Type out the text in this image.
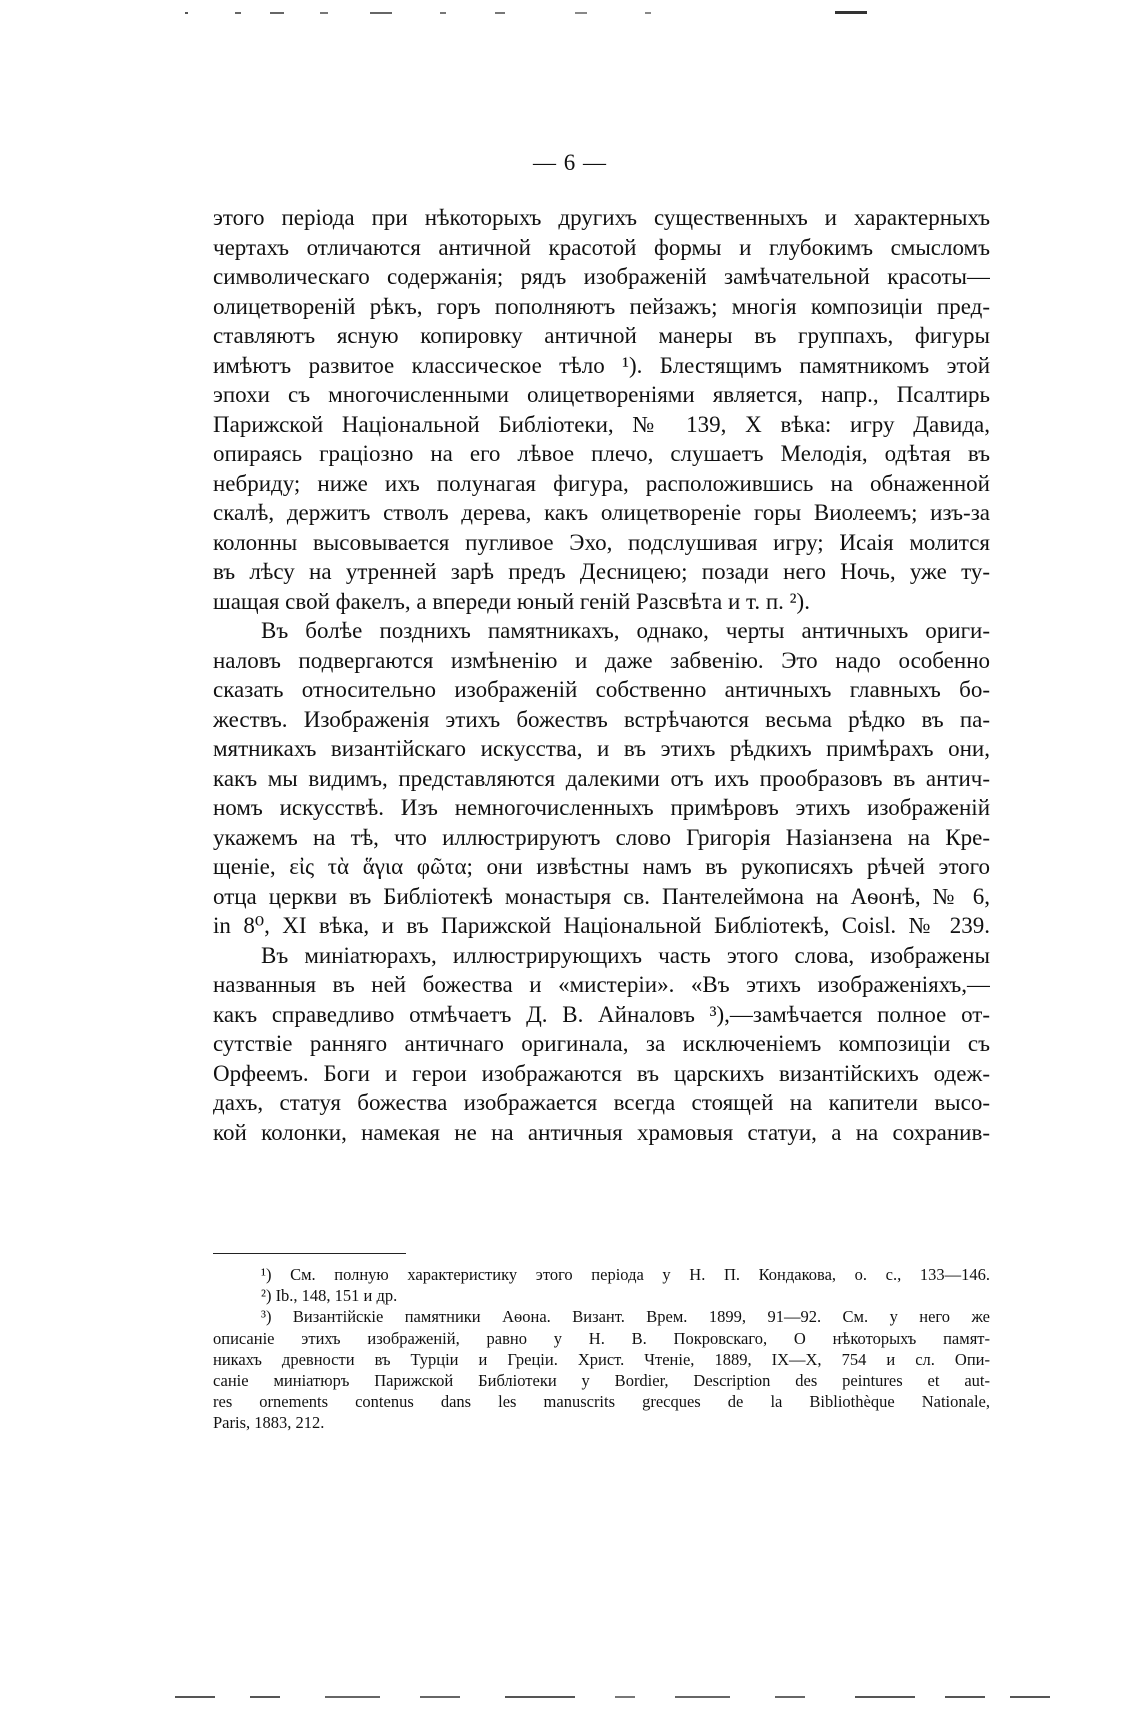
— 6 —
этого періода при нѣкоторыхъ другихъ существенныхъ и характерныхъ
чертахъ отличаются античной красотой формы и глубокимъ смысломъ
символическаго содержанія; рядъ изображеній замѣчательной красоты—
олицетвореній рѣкъ, горъ пополняютъ пейзажъ; многія композиціи пред-
ставляютъ ясную копировку античной манеры въ группахъ, фигуры
имѣютъ развитое классическое тѣло ¹). Блестящимъ памятникомъ этой
эпохи съ многочисленными олицетвореніями является, напр., Псалтирь
Парижской Національной Библіотеки, № 139, X вѣка: игру Давида,
опираясь граціозно на его лѣвое плечо, слушаетъ Мелодія, одѣтая въ
небриду; ниже ихъ полунагая фигура, расположившись на обнаженной
скалѣ, держитъ стволъ дерева, какъ олицетвореніе горы Виолеемъ; изъ-за
колонны высовывается пугливое Эхо, подслушивая игру; Исаія молится
въ лѣсу на утренней зарѣ предъ Десницею; позади него Ночь, уже ту-
шащая свой факелъ, а впереди юный геній Разсвѣта и т. п. ²).
Въ болѣе позднихъ памятникахъ, однако, черты античныхъ ориги-
наловъ подвергаются измѣненію и даже забвенію. Это надо особенно
сказать относительно изображеній собственно античныхъ главныхъ бо-
жествъ. Изображенія этихъ божествъ встрѣчаются весьма рѣдко въ па-
мятникахъ византійскаго искусства, и въ этихъ рѣдкихъ примѣрахъ они,
какъ мы видимъ, представляются далекими отъ ихъ прообразовъ въ антич-
номъ искусствѣ. Изъ немногочисленныхъ примѣровъ этихъ изображеній
укажемъ на тѣ, что иллюстрируютъ слово Григорія Назіанзена на Кре-
щеніе, εἰς τὰ ἅγια φῶτα; они извѣстны намъ въ рукописяхъ рѣчей этого
отца церкви въ Библіотекѣ монастыря св. Пантелеймона на Аѳонѣ, № 6,
in 8⁰, XI вѣка, и въ Парижской Національной Библіотекѣ, Coisl. № 239.
Въ миніатюрахъ, иллюстрирующихъ часть этого слова, изображены
названныя въ ней божества и «мистеріи». «Въ этихъ изображеніяхъ,—
какъ справедливо отмѣчаетъ Д. В. Айналовъ ³),—замѣчается полное от-
сутствіе ранняго античнаго оригинала, за исключеніемъ композиціи съ
Орфеемъ. Боги и герои изображаются въ царскихъ византійскихъ одеж-
дахъ, статуя божества изображается всегда стоящей на капители высо-
кой колонки, намекая не на античныя храмовыя статуи, а на сохранив-
¹) См. полную характеристику этого періода у Н. П. Кондакова, о. с., 133—146.
²) Ib., 148, 151 и др.
³) Византійскіе памятники Аѳона. Визант. Врем. 1899, 91—92. См. у него же
описаніе этихъ изображеній, равно у Н. В. Покровскаго, О нѣкоторыхъ памят-
никахъ древности въ Турціи и Греціи. Христ. Чтеніе, 1889, IX—X, 754 и сл. Опи-
саніе миніатюръ Парижской Библіотеки у Bordier, Description des peintures et aut-
res ornements contenus dans les manuscrits grecques de la Bibliothèque Nationale,
Paris, 1883, 212.
